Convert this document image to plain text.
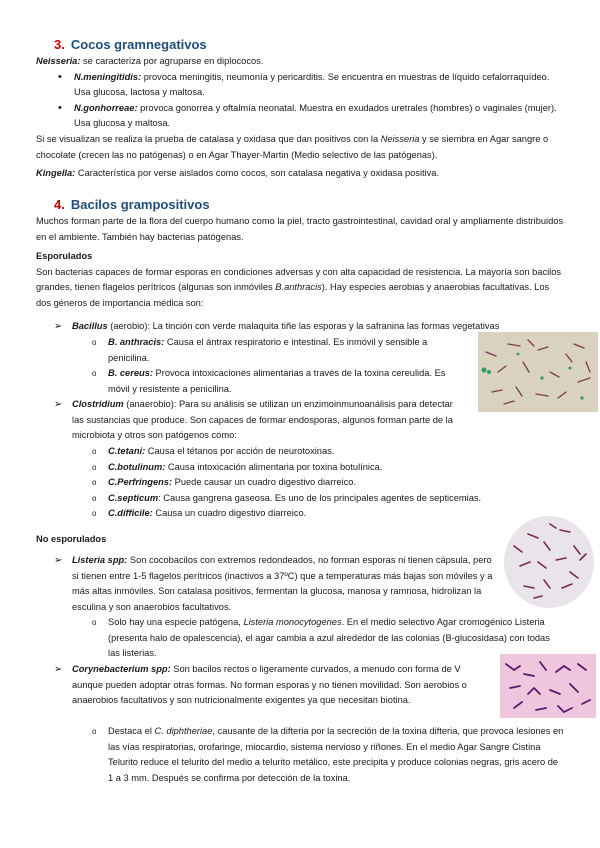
3. Cocos gramnegativos

Neisseria: se caracteriza por agruparse en diplococos.

• N.meningitidis: provoca meningitis, neumonía y pericarditis. Se encuentra en muestras de líquido cefalorraquídeo. Usa glucosa, lactosa y maltosa.
• N.gonhorreae: provoca gonorrea y oftalmía neonatal. Muestra en exudados uretrales (hombres) o vaginales (mujer). Usa glucosa y maltosa.

Si se visualizan se realiza la prueba de catalasa y oxidasa que dan positivos con la Neisseria y se siembra en Agar sangre o chocolate (crecen las no patógenas) o en Agar Thayer-Martin (Medio selectivo de las patógenas).

Kingella: Característica por verse aislados como cocos, son catalasa negativa y oxidasa positiva.

4. Bacilos grampositivos

Muchos forman parte de la flora del cuerpo humano como la piel, tracto gastrointestinal, cavidad oral y ampliamente distribuidos en el ambiente. También hay bacterias patógenas.

Esporulados

Son bacterias capaces de formar esporas en condiciones adversas y con alta capacidad de resistencia. La mayoría son bacilos grandes, tienen flagelos perítricos (algunas son inmóviles B.anthracis). Hay especies aerobias y anaerobias facultativas. Los dos géneros de importancia médica son:

➢ Bacillus (aerobio): La tinción con verde malaquita tiñe las esporas y la safranina las formas vegetativas
o B. anthracis: Causa el ántrax respiratorio e intestinal. Es inmóvil y sensible a penicilina.
o B. cereus: Provoca intoxicaciones alimentarias a través de la toxina cereulida. Es móvil y resistente a penicilina.
➢ Clostridium (anaerobio): Para su análisis se utilizan un enzimoinmunoanálisis para detectar las sustancias que produce. Son capaces de formar endosporas, algunos forman parte de la microbiota y otros son patógenos como:
o C.tetani: Causa el tétanos por acción de neurotoxinas.
o C.botulinum: Causa intoxicación alimentaria por toxina botulínica.
o C.Perfringens: Puede causar un cuadro digestivo diarreico.
o C.septicum: Causa gangrena gaseosa. Es uno de los principales agentes de septicemias.
o C.difficile: Causa un cuadro digestivo diarreico.

No esporulados

➢ Listeria spp: Son cocobacilos con extremos redondeados, no forman esporas ni tienen cápsula, pero si tienen entre 1-5 flagelos perítricos (inactivos a 37ºC) que a temperaturas más bajas son móviles y a más altas inmóviles. Son catalasa positivos, fermentan la glucosa, manosa y ramnosa, hidrolizan la esculina y son anaerobios facultativos.
o Solo hay una especie patógena, Listeria monocytogenes. En el medio selectivo Agar cromogénico Listeria (presenta halo de opalescencia), el agar cambia a azul alrededor de las colonias (B-glucosidasa) con todas las listerias.
➢ Corynebacterium spp: Son bacilos rectos o ligeramente curvados, a menudo con forma de V aunque pueden adoptar otras formas. No forman esporas y no tienen movilidad. Son aerobios o anaerobios facultativos y son nutricionalmente exigentes ya que necesitan biotina.
o Destaca el C. diphtheriae, causante de la difteria por la secreción de la toxina difteria, que provoca lesiones en las vías respiratorias, orofaringe, miocardio, sistema nervioso y riñones. En el medio Agar Sangre Cistina Telurito reduce el telurito del medio a telurito metálico, este precipita y produce colonias negras, gris acero de 1 a 3 mm. Después se confirma por detección de la toxina.
